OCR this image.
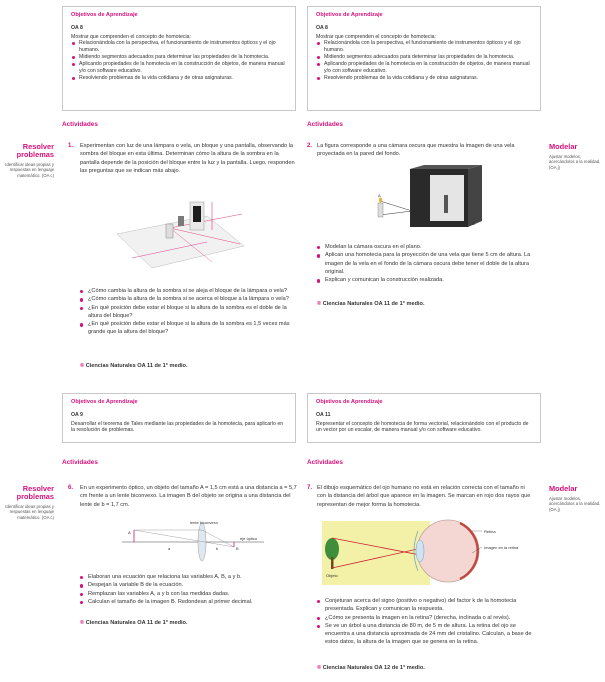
Objetivos de Aprendizaje
OA 8
Mostrar que comprenden el concepto de homotecia:
Relacionándola con la perspectiva, el funcionamiento de instrumentos ópticos y el ojo humano.
Midiendo segmentos adecuados para determinar las propiedades de la homotecia.
Aplicando propiedades de la homotecia en la construcción de objetos, de manera manual y/o con software educativo.
Resolviendo problemas de la vida cotidiana y de otras asignaturas.
Actividades
Resolver problemas
Identificar ideas propias y respuestas en lenguaje matemático. (OA c)
1. Experimentan con luz de una lámpara o vela, un bloque y una pantalla, observando la sombra del bloque en esta última. Determinan cómo la altura de la sombra en la pantalla depende de la posición del bloque entre la luz y la pantalla. Luego, responden las preguntas que se indican más abajo.
¿Cómo cambia la altura de la sombra si se aleja el bloque de la lámpara o vela?
¿Cómo cambia la altura de la sombra si se acerca el bloque a la lámpara o vela?
¿En qué posición debe estar el bloque si la altura de la sombra es el doble de la altura del bloque?
¿En qué posición debe estar el bloque si la altura de la sombra es 1,5 veces más grande que la altura del bloque?
® Ciencias Naturales OA 11 de 1° medio.
Objetivos de Aprendizaje
OA 8
Mostrar que comprenden el concepto de homotecia:
Relacionándola con la perspectiva, el funcionamiento de instrumentos ópticos y el ojo humano.
Midiendo segmentos adecuados para determinar las propiedades de la homotecia.
Aplicando propiedades de la homotecia en la construcción de objetos, de manera manual y/o con software educativo.
Resolviendo problemas de la vida cotidiana y de otras asignaturas.
Actividades
2. La figura corresponde a una cámara oscura que muestra la imagen de una vela proyectada en la pared del fondo.
Modelar
Ajustar modelos, acercándolos a la realidad. (OA j)
A
B
Modelan la cámara oscura en el plano.
Aplican una homotecia para la proyección de una vela que tiene 5 cm de altura. La imagen de la vela en el fondo de la cámara oscura debe tener el doble de la altura original.
Explican y comunican la construcción realizada.
® Ciencias Naturales OA 11 de 1° medio.
Objetivos de Aprendizaje
OA 9
Desarrollar el teorema de Tales mediante las propiedades de la homotecia, para aplicarlo en la resolución de problemas.
Actividades
Resolver problemas
Identificar ideas propias y respuestas en lenguaje matemático. (OA c)
6. En un experimento óptico, un objeto del tamaño A = 1,5 cm está a una distancia a = 5,7 cm frente a un lente biconvexo. La imagen B del objeto se origina a una distancia del lente de b = 1,7 cm.
lente biconvexo
eje óptico
A
B
a	b
Elaboran una ecuación que relaciona las variables A, B, a y b.
Despejan la variable B de la ecuación.
Remplazan las variables A, a y b con las medidas dadas.
Calculan el tamaño de la imagen B. Redondean al primer decimal.
® Ciencias Naturales OA 11 de 1° medio.
Objetivos de Aprendizaje
OA 11
Representar el concepto de homotecia de forma vectorial, relacionándolo con el producto de un vector por un escalar, de manera manual y/o con software educativo.
Actividades
7. El dibujo esquemático del ojo humano no está en relación correcta con el tamaño ni con la distancia del árbol que aparece en la imagen. Se marcan en rojo dos rayos que representan de mejor forma la homotecia.
Modelar
Ajustar modelos, acercándolos a la realidad. (OA j)
Retina
Imagen en la retina
Objeto
Conjeturan acerca del signo (positivo o negativo) del factor k de la homotecia presentada. Explican y comunican la respuesta.
¿Cómo se presenta la imagen en la retina? (derecha, inclinada o al revés).
Se ve un árbol a una distancia de 80 m, de 5 m de altura. La retina del ojo se encuentra a una distancia aproximada de 24 mm del cristalino. Calculan, a base de estos datos, la altura de la imagen que se genera en la retina.
® Ciencias Naturales OA 12 de 1° medio.
